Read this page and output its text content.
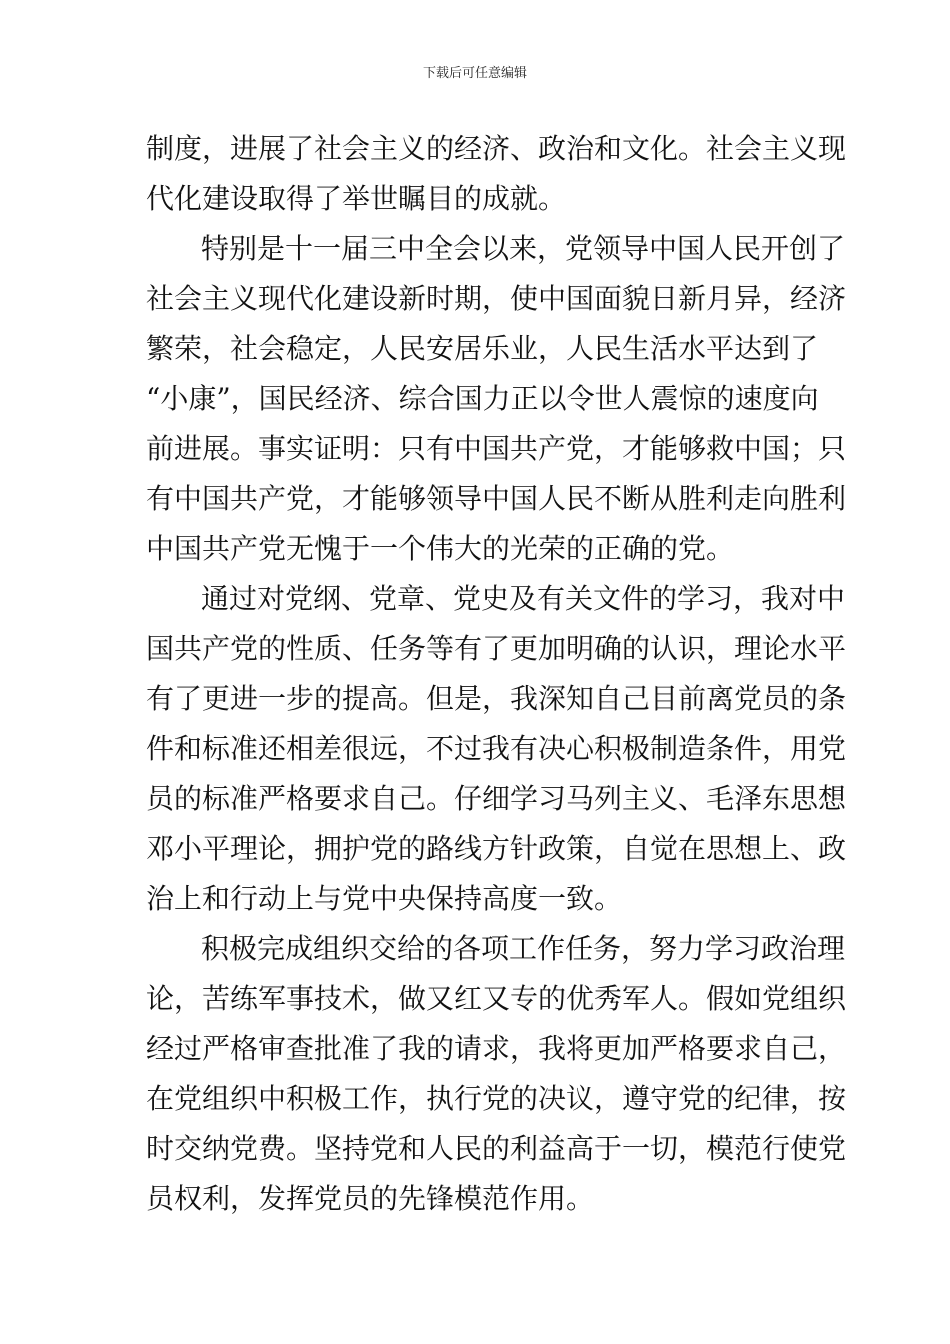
下载后可任意编辑
制度，进展了社会主义的经济、政治和文化。社会主义现
代化建设取得了举世瞩目的成就。
特别是十一届三中全会以来，党领导中国人民开创了
社会主义现代化建设新时期，使中国面貌日新月异，经济
繁荣，社会稳定，人民安居乐业，人民生活水平达到了
“小康”，国民经济、综合国力正以令世人震惊的速度向
前进展。事实证明：只有中国共产党，才能够救中国；只
有中国共产党，才能够领导中国人民不断从胜利走向胜利
中国共产党无愧于一个伟大的光荣的正确的党。
通过对党纲、党章、党史及有关文件的学习，我对中
国共产党的性质、任务等有了更加明确的认识，理论水平
有了更进一步的提高。但是，我深知自己目前离党员的条
件和标准还相差很远，不过我有决心积极制造条件，用党
员的标准严格要求自己。仔细学习马列主义、毛泽东思想
邓小平理论，拥护党的路线方针政策，自觉在思想上、政
治上和行动上与党中央保持高度一致。
积极完成组织交给的各项工作任务，努力学习政治理
论，苦练军事技术，做又红又专的优秀军人。假如党组织
经过严格审查批准了我的请求，我将更加严格要求自己，
在党组织中积极工作，执行党的决议，遵守党的纪律，按
时交纳党费。坚持党和人民的利益高于一切，模范行使党
员权利，发挥党员的先锋模范作用。
